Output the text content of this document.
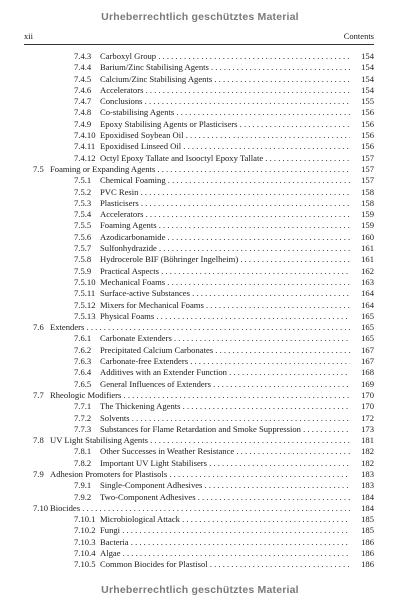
Urheberrechtlich geschütztes Material
xii	Contents
7.4.3 Carboxyl Group . . .	154
7.4.4 Barium/Zinc Stabilising Agents . . .	154
7.4.5 Calcium/Zinc Stabilising Agents . . .	154
7.4.6 Accelerators . . .	154
7.4.7 Conclusions . . .	155
7.4.8 Co-stabilising Agents . . .	156
7.4.9 Epoxy Stabilising Agents or Plasticisers . . .	156
7.4.10 Epoxidised Soybean Oil . . .	156
7.4.11 Epoxidised Linseed Oil . . .	156
7.4.12 Octyl Epoxy Tallate and Isooctyl Epoxy Tallate . . .	157
7.5 Foaming or Expanding Agents . . .	157
7.5.1 Chemical Foaming . . .	157
7.5.2 PVC Resin . . .	158
7.5.3 Plasticisers . . .	158
7.5.4 Accelerators . . .	159
7.5.5 Foaming Agents . . .	159
7.5.6 Azodicarbonamide . . .	160
7.5.7 Sulfonhydrazide . . .	161
7.5.8 Hydrocerole BIF (Böhringer Ingelheim) . . .	161
7.5.9 Practical Aspects . . .	162
7.5.10 Mechanical Foams . . .	163
7.5.11 Surface-active Substances . . .	164
7.5.12 Mixers for Mechanical Foams . . .	164
7.5.13 Physical Foams . . .	165
7.6 Extenders . . .	165
7.6.1 Carbonate Extenders . . .	165
7.6.2 Precipitated Calcium Carbonates . . .	167
7.6.3 Carbonate-free Extenders . . .	167
7.6.4 Additives with an Extender Function . . .	168
7.6.5 General Influences of Extenders . . .	169
7.7 Rheologic Modifiers . . .	170
7.7.1 The Thickening Agents . . .	170
7.7.2 Solvents . . .	172
7.7.3 Substances for Flame Retardation and Smoke Suppression . . .	173
7.8 UV Light Stabilising Agents . . .	181
7.8.1 Other Successes in Weather Resistance . . .	182
7.8.2 Important UV Light Stabilisers . . .	182
7.9 Adhesion Promoters for Plastisols . . .	183
7.9.1 Single-Component Adhesives . . .	183
7.9.2 Two-Component Adhesives . . .	184
7.10 Biocides . . .	184
7.10.1 Microbiological Attack . . .	185
7.10.2 Fungi . . .	185
7.10.3 Bacteria . . .	186
7.10.4 Algae . . .	186
7.10.5 Common Biocides for Plastisol . . .	186
Urheberrechtlich geschütztes Material
